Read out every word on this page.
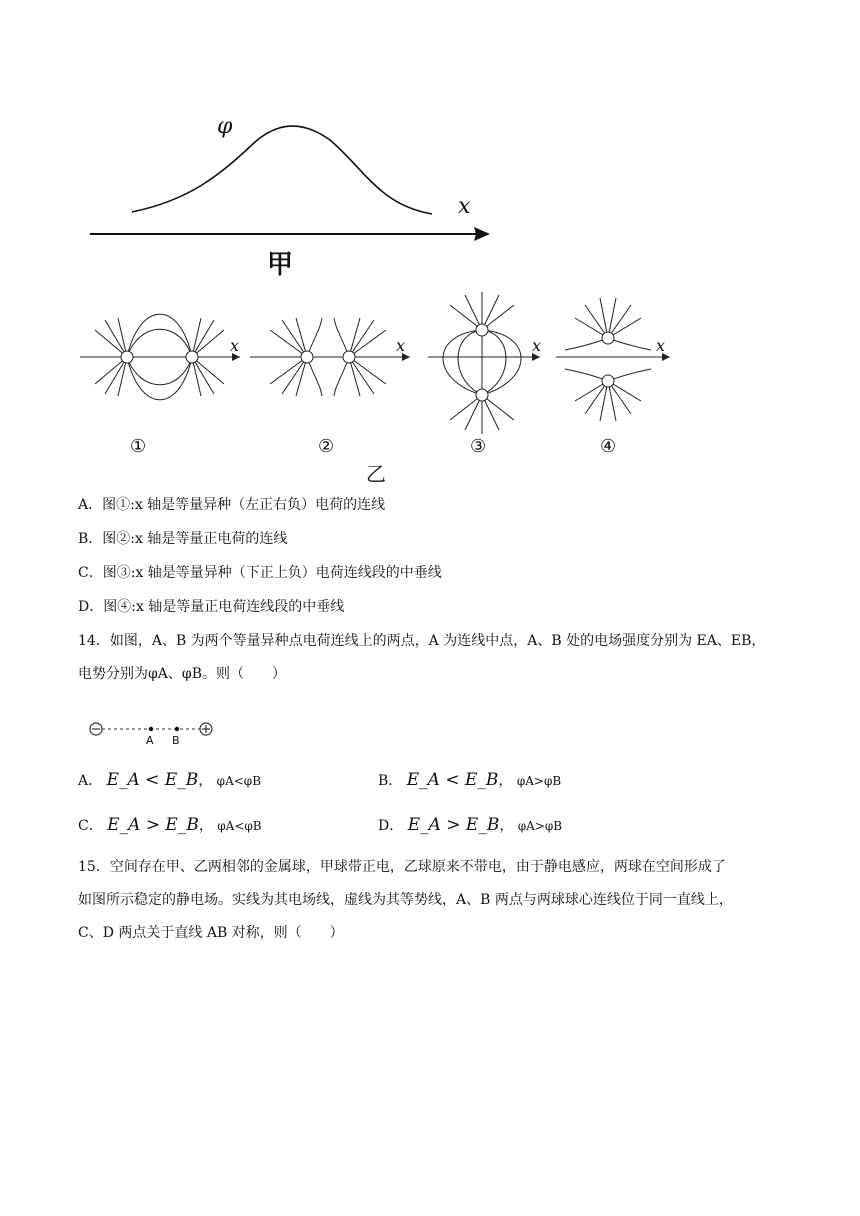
φ
x
甲
x	x	x	x
①	②	③	④
乙
A．图①:x 轴是等量异种（左正右负）电荷的连线
B．图②:x 轴是等量正电荷的连线
C．图③:x 轴是等量异种（下正上负）电荷连线段的中垂线
D．图④:x 轴是等量正电荷连线段的中垂线
14．如图，A、B 为两个等量异种点电荷连线上的两点，A 为连线中点，A、B 处的电场强度分别为 EA、EB，
电势分别为φA、φB。则（　　）
A B
A． E_A < E_B， φA<φB	B． E_A < E_B， φA>φB
C． E_A > E_B， φA<φB	D． E_A > E_B， φA>φB
15．空间存在甲、乙两相邻的金属球，甲球带正电，乙球原来不带电，由于静电感应，两球在空间形成了
如图所示稳定的静电场。实线为其电场线，虚线为其等势线，A、B 两点与两球球心连线位于同一直线上，
C、D 两点关于直线 AB 对称，则（　　）
